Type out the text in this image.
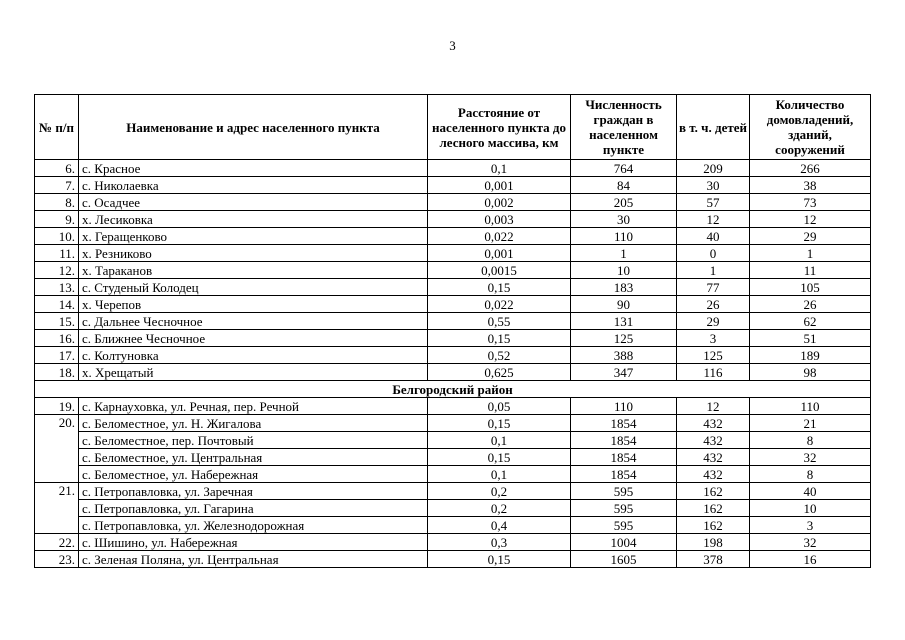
3
№ п/п	Наименование и адрес населенного пункта	Расстояние от населенного пункта до лесного массива, км	Численность граждан в населенном пункте	в т. ч. детей	Количество домовладений, зданий, сооружений
6.	с. Красное	0,1	764	209	266
7.	с. Николаевка	0,001	84	30	38
8.	с. Осадчее	0,002	205	57	73
9.	х. Лесиковка	0,003	30	12	12
10.	х. Геращенково	0,022	110	40	29
11.	х. Резниково	0,001	1	0	1
12.	х. Тараканов	0,0015	10	1	11
13.	с. Студеный Колодец	0,15	183	77	105
14.	х. Черепов	0,022	90	26	26
15.	с. Дальнее Чесночное	0,55	131	29	62
16.	с. Ближнее Чесночное	0,15	125	3	51
17.	с. Колтуновка	0,52	388	125	189
18.	х. Хрещатый	0,625	347	116	98
Белгородский район					
19.	с. Карнауховка, ул. Речная, пер. Речной	0,05	110	12	110
20.	с. Беломестное, ул. Н. Жигалова	0,15	1854	432	21
	с. Беломестное, пер. Почтовый	0,1	1854	432	8
	с. Беломестное, ул. Центральная	0,15	1854	432	32
	с. Беломестное, ул. Набережная	0,1	1854	432	8
21.	с. Петропавловка, ул. Заречная	0,2	595	162	40
	с. Петропавловка, ул. Гагарина	0,2	595	162	10
	с. Петропавловка, ул. Железнодорожная	0,4	595	162	3
22.	с. Шишино, ул. Набережная	0,3	1004	198	32
23.	с. Зеленая Поляна, ул. Центральная	0,15	1605	378	16
